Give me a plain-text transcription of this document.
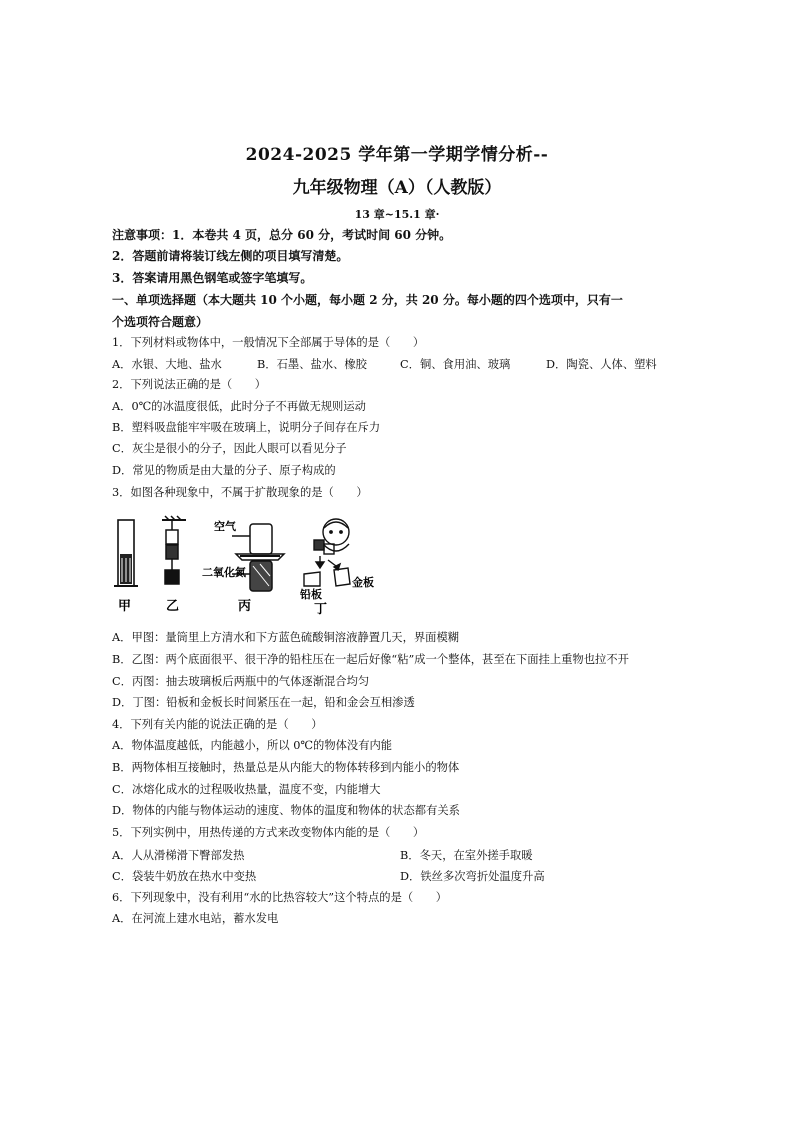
2024-2025 学年第一学期学情分析--
九年级物理（A）（人教版）
13 章~15.1 章·
注意事项：1．本卷共 4 页，总分 60 分，考试时间 60 分钟。
2．答题前请将装订线左侧的项目填写清楚。
3．答案请用黑色钢笔或签字笔填写。
一、单项选择题（本大题共 10 个小题，每小题 2 分，共 20 分。每小题的四个选项中，只有一
个选项符合题意）
1．下列材料或物体中，一般情况下全部属于导体的是（　　）
A．水银、大地、盐水	B．石墨、盐水、橡胶	C．铜、食用油、玻璃	D．陶瓷、人体、塑料
2．下列说法正确的是（　　）
A．0℃的冰温度很低，此时分子不再做无规则运动
B．塑料吸盘能牢牢吸在玻璃上，说明分子间存在斥力
C．灰尘是很小的分子，因此人眼可以看见分子
D．常见的物质是由大量的分子、原子构成的
3．如图各种现象中，不属于扩散现象的是（　　）
甲	乙
空气
二氧化氮
丙
金板
铅板
丁
A．甲图：量筒里上方清水和下方蓝色硫酸铜溶液静置几天，界面模糊
B．乙图：两个底面很平、很干净的铅柱压在一起后好像“粘”成一个整体，甚至在下面挂上重物也拉不开
C．丙图：抽去玻璃板后两瓶中的气体逐渐混合均匀
D．丁图：铅板和金板长时间紧压在一起，铅和金会互相渗透
4．下列有关内能的说法正确的是（　　）
A．物体温度越低，内能越小，所以 0℃的物体没有内能
B．两物体相互接触时，热量总是从内能大的物体转移到内能小的物体
C．冰熔化成水的过程吸收热量，温度不变，内能增大
D．物体的内能与物体运动的速度、物体的温度和物体的状态都有关系
5．下列实例中，用热传递的方式来改变物体内能的是（　　）
A．人从滑梯滑下臀部发热	B．冬天，在室外搓手取暖
C．袋装牛奶放在热水中变热	D．铁丝多次弯折处温度升高
6．下列现象中，没有利用“水的比热容较大”这个特点的是（　　）
A．在河流上建水电站，蓄水发电
